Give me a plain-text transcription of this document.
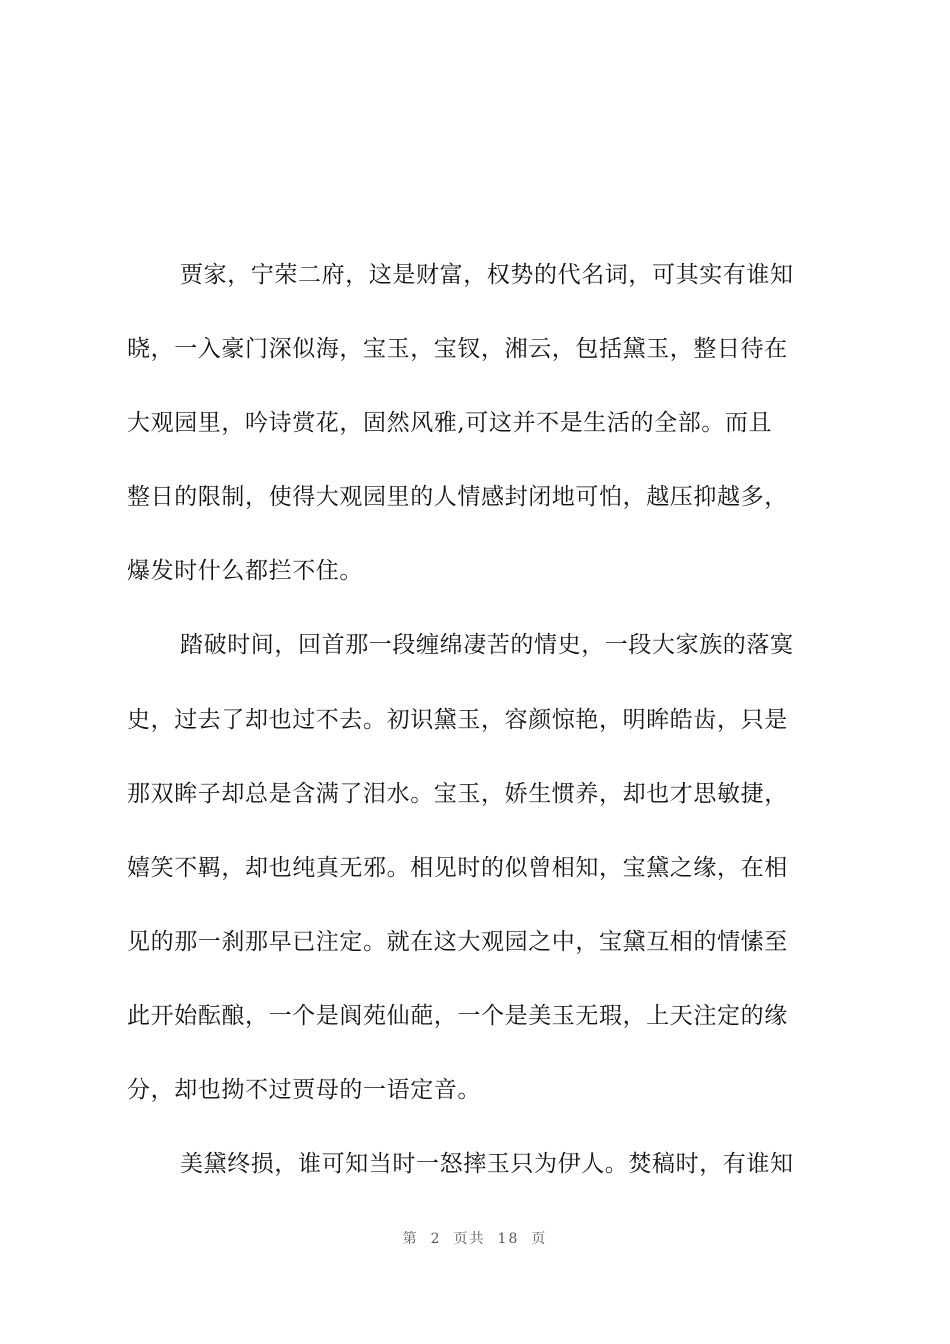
贾家，宁荣二府，这是财富，权势的代名词，可其实有谁知
晓，一入豪门深似海，宝玉，宝钗，湘云，包括黛玉，整日待在
大观园里，吟诗赏花，固然风雅,可这并不是生活的全部。而且
整日的限制，使得大观园里的人情感封闭地可怕，越压抑越多，
爆发时什么都拦不住。
踏破时间，回首那一段缠绵凄苦的情史，一段大家族的落寞
史，过去了却也过不去。初识黛玉，容颜惊艳，明眸皓齿，只是
那双眸子却总是含满了泪水。宝玉，娇生惯养，却也才思敏捷，
嬉笑不羁，却也纯真无邪。相见时的似曾相知，宝黛之缘，在相
见的那一刹那早已注定。就在这大观园之中，宝黛互相的情愫至
此开始酝酿，一个是阆苑仙葩，一个是美玉无瑕，上天注定的缘
分，却也拗不过贾母的一语定音。
美黛终损，谁可知当时一怒摔玉只为伊人。焚稿时，有谁知
第 2 页共 18 页
